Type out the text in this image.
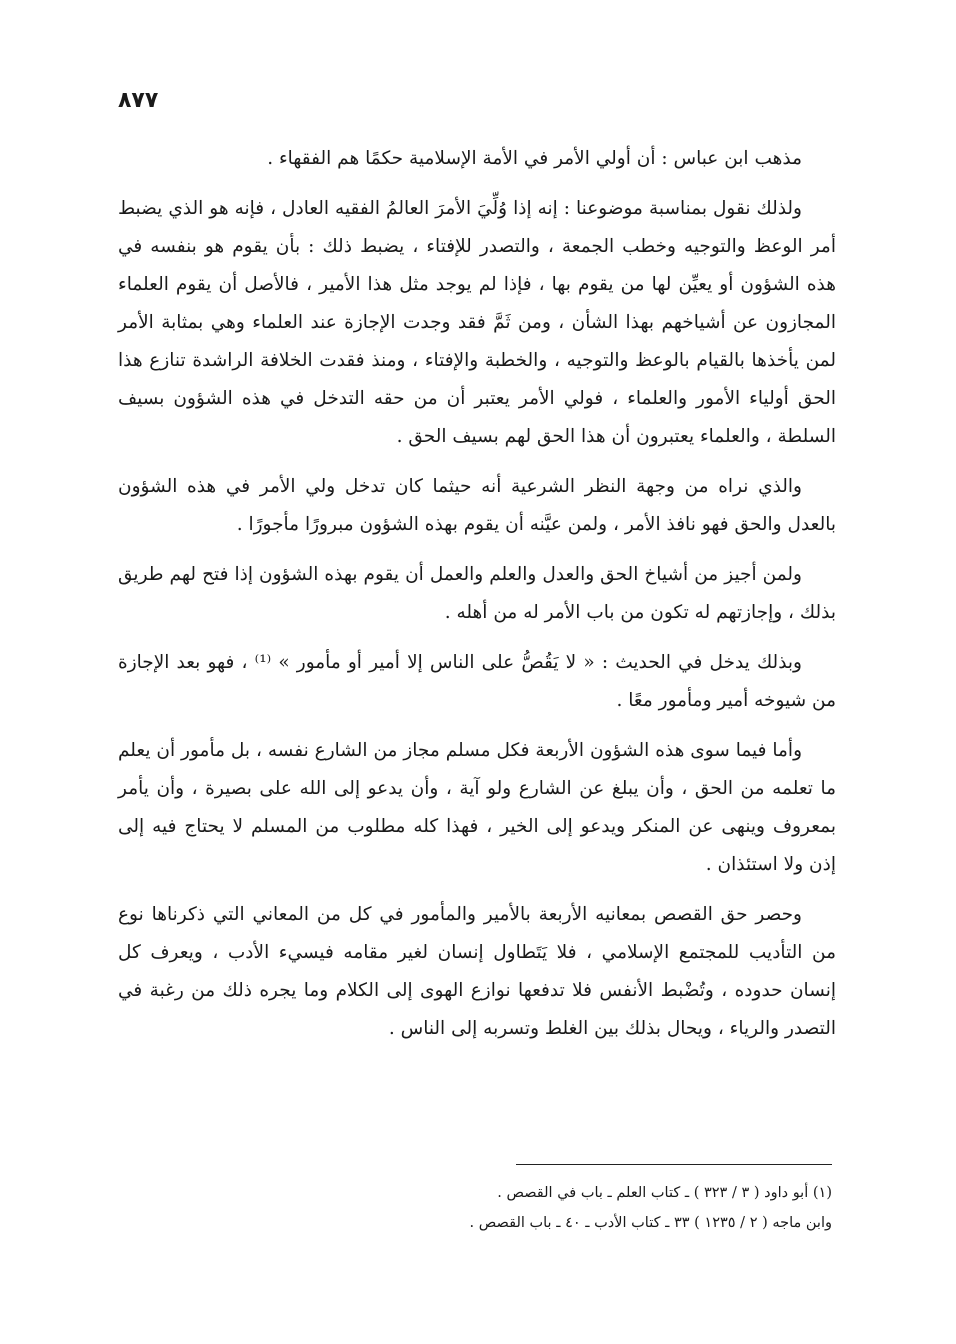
٨٧٧

مذهب ابن عباس : أن أولي الأمر في الأمة الإسلامية حكمًا هم الفقهاء .

ولذلك نقول بمناسبة موضوعنا : إنه إذا وُلِّيَ الأمرَ العالمُ الفقيه العادل ، فإنه هو الذي يضبط أمر الوعظ والتوجيه وخطب الجمعة ، والتصدر للإفتاء ، يضبط ذلك : بأن يقوم هو بنفسه في هذه الشؤون أو يعيِّن لها من يقوم بها ، فإذا لم يوجد مثل هذا الأمير ، فالأصل أن يقوم العلماء المجازون عن أشياخهم بهذا الشأن ، ومن ثَمَّ فقد وجدت الإجازة عند العلماء وهي بمثابة الأمر لمن يأخذها بالقيام بالوعظ والتوجيه ، والخطبة والإفتاء ، ومنذ فقدت الخلافة الراشدة تنازع هذا الحق أولياء الأمور والعلماء ، فولي الأمر يعتبر أن من حقه التدخل في هذه الشؤون بسيف السلطة ، والعلماء يعتبرون أن هذا الحق لهم بسيف الحق .

والذي نراه من وجهة النظر الشرعية أنه حيثما كان تدخل ولي الأمر في هذه الشؤون بالعدل والحق فهو نافذ الأمر ، ولمن عيَّنه أن يقوم بهذه الشؤون مبرورًا مأجورًا .

ولمن أجيز من أشياخ الحق والعدل والعلم والعمل أن يقوم بهذه الشؤون إذا فتح لهم طريق بذلك ، وإجازتهم له تكون من باب الأمر له من أهله .

وبذلك يدخل في الحديث : « لا يَقُصُّ على الناس إلا أمير أو مأمور » ⁽¹⁾ ، فهو بعد الإجازة من شيوخه أمير ومأمور معًا .

وأما فيما سوى هذه الشؤون الأربعة فكل مسلم مجاز من الشارع نفسه ، بل مأمور أن يعلم ما تعلمه من الحق ، وأن يبلغ عن الشارع ولو آية ، وأن يدعو إلى الله على بصيرة ، وأن يأمر بمعروف وينهى عن المنكر ويدعو إلى الخير ، فهذا كله مطلوب من المسلم لا يحتاج فيه إلى إذن ولا استئذان .

وحصر حق القصص بمعانيه الأربعة بالأمير والمأمور في كل من المعاني التي ذكرناها نوع من التأديب للمجتمع الإسلامي ، فلا يَتَطاول إنسان لغير مقامه فيسيء الأدب ، ويعرف كل إنسان حدوده ، وتُضْبط الأنفس فلا تدفعها نوازع الهوى إلى الكلام وما يجره ذلك من رغبة في التصدر والرياء ، ويحال بذلك بين الغلط وتسربه إلى الناس .

(١) أبو داود ( ٣ / ٣٢٣ ) ـ كتاب العلم ـ باب في القصص .
وابن ماجه ( ٢ / ١٢٣٥ ) ٣٣ ـ كتاب الأدب ـ ٤٠ ـ باب القصص .
